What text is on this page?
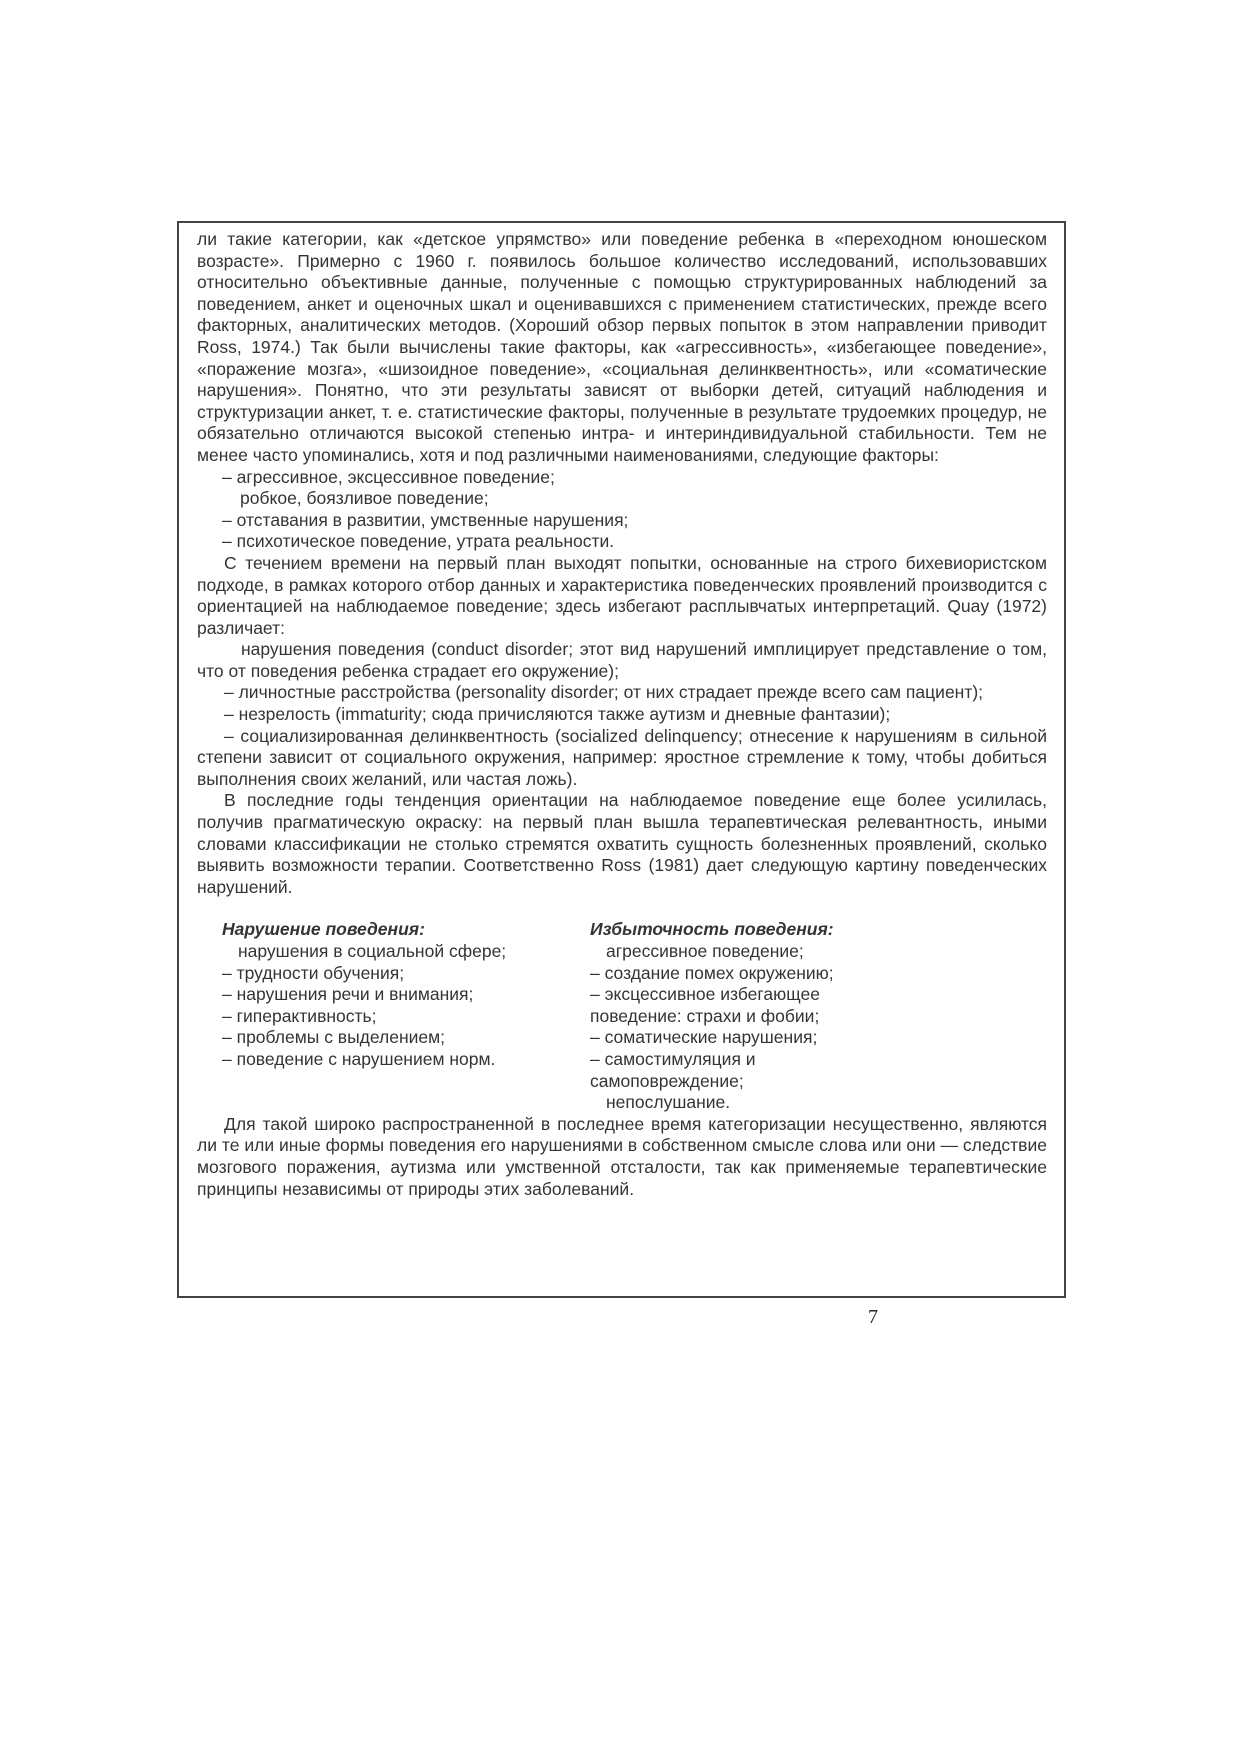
ли такие категории, как «детское упрямство» или поведение ребенка в «переходном юношеском возрасте». Примерно с 1960 г. появилось большое количество исследований, использовавших относительно объективные данные, полученные с помощью структурированных наблюдений за поведением, анкет и оценочных шкал и оценивавшихся с применением статистических, прежде всего факторных, аналитических методов. (Хороший обзор первых попыток в этом направлении приводит Ross, 1974.) Так были вычислены такие факторы, как «агрессивность», «избегающее поведение», «поражение мозга», «шизоидное поведение», «социальная делинквентность», или «соматические нарушения». Понятно, что эти результаты зависят от выборки детей, ситуаций наблюдения и структуризации анкет, т. е. статистические факторы, полученные в результате трудоемких процедур, не обязательно отличаются высокой степенью интра- и интериндивидуальной стабильности. Тем не менее часто упоминались, хотя и под различными наименованиями, следующие факторы:

– агрессивное, эксцессивное поведение;

робкое, боязливое поведение;

– отставания в развитии, умственные нарушения;

– психотическое поведение, утрата реальности.

С течением времени на первый план выходят попытки, основанные на строго бихевиористском подходе, в рамках которого отбор данных и характеристика поведенческих проявлений производится с ориентацией на наблюдаемое поведение; здесь избегают расплывчатых интерпретаций. Quay (1972) различает:

нарушения поведения (conduct disorder; этот вид нарушений имплицирует представление о том, что от поведения ребенка страдает его окружение);

– личностные расстройства (personality disorder; от них страдает прежде всего сам пациент);

– незрелость (immaturity; сюда причисляются также аутизм и дневные фантазии);

– социализированная делинквентность (socialized delinquency; отнесение к нарушениям в сильной степени зависит от социального окружения, например: яростное стремление к тому, чтобы добиться выполнения своих желаний, или частая ложь).

В последние годы тенденция ориентации на наблюдаемое поведение еще более усилилась, получив прагматическую окраску: на первый план вышла терапевтическая релевантность, иными словами классификации не столько стремятся охватить сущность болезненных проявлений, сколько выявить возможности терапии. Соответственно Ross (1981) дает следующую картину поведенческих нарушений.

Нарушение поведения:

нарушения в социальной сфере;

– трудности обучения;

– нарушения речи и внимания;

– гиперактивность;

– проблемы с выделением;

– поведение с нарушением норм.

Избыточность поведения:

агрессивное поведение;

– создание помех окружению;

– эксцессивное избегающее поведение: страхи и фобии;

– соматические нарушения;

– самостимуляция и самоповреждение;

непослушание.

Для такой широко распространенной в последнее время категоризации несущественно, являются ли те или иные формы поведения его нарушениями в собственном смысле слова или они — следствие мозгового поражения, аутизма или умственной отсталости, так как применяемые терапевтические принципы независимы от природы этих заболеваний.

7
